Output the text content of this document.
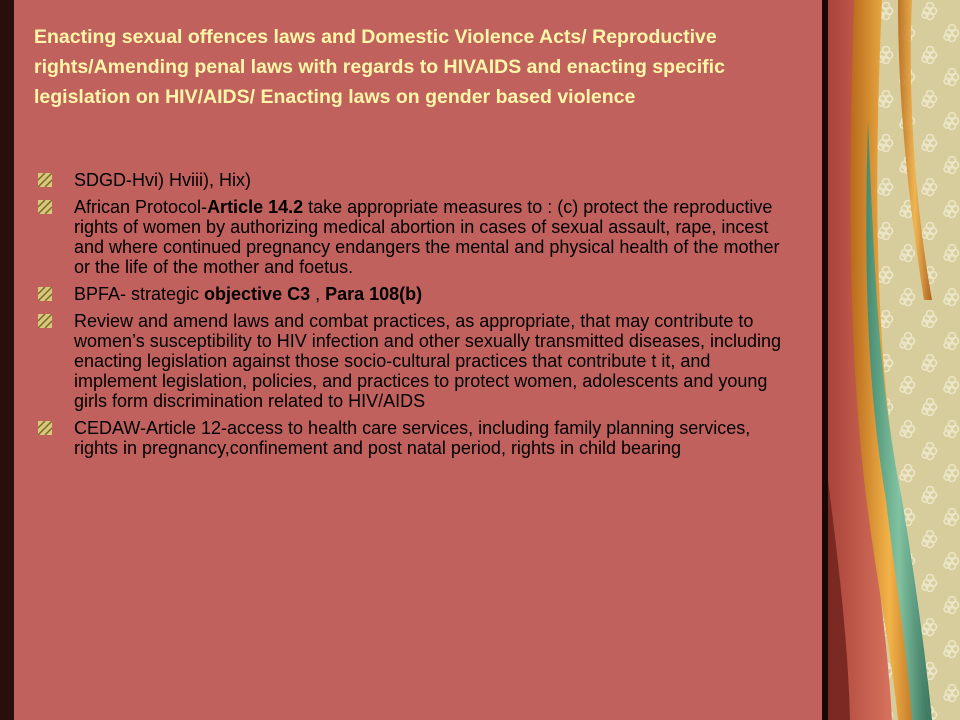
Enacting sexual offences laws and Domestic Violence Acts/ Reproductive rights/Amending penal laws with regards to HIVAIDS and enacting specific legislation on HIV/AIDS/ Enacting laws on gender based violence
SDGD-Hvi) Hviii), Hix)
African Protocol-Article 14.2 take appropriate measures to : (c) protect the reproductive rights of women by authorizing medical abortion in cases of sexual assault, rape, incest and where continued pregnancy endangers the mental and physical health of the mother or the life of the mother and foetus.
BPFA- strategic objective C3 , Para 108(b)
Review and amend laws and combat practices, as appropriate, that may contribute to women’s susceptibility to HIV infection and other sexually transmitted diseases, including enacting legislation against those socio-cultural practices that contribute t it, and implement legislation, policies, and practices to protect women, adolescents and young girls form discrimination related to HIV/AIDS
CEDAW-Article 12-access to health care services, including family planning services, rights in pregnancy,confinement and post natal period, rights in child bearing
